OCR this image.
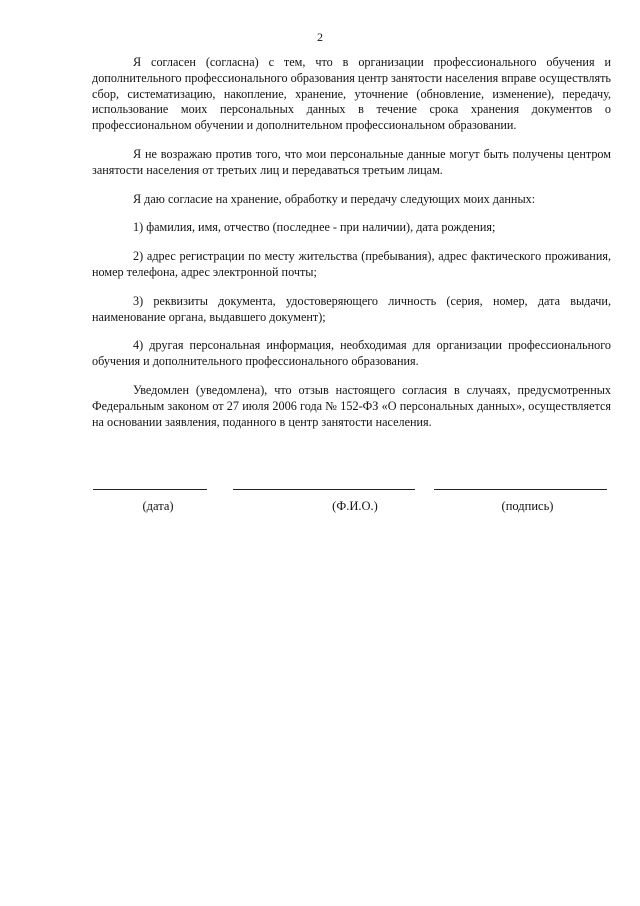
2

Я согласен (согласна) с тем, что в организации профессионального обучения и дополнительного профессионального образования центр занятости населения вправе осуществлять сбор, систематизацию, накопление, хранение, уточнение (обновление, изменение), передачу, использование моих персональных данных в течение срока хранения документов о профессиональном обучении и дополнительном профессиональном образовании.

Я не возражаю против того, что мои персональные данные могут быть получены центром занятости населения от третьих лиц и передаваться третьим лицам.

Я даю согласие на хранение, обработку и передачу следующих моих данных:

1) фамилия, имя, отчество (последнее - при наличии), дата рождения;

2) адрес регистрации по месту жительства (пребывания), адрес фактического проживания, номер телефона, адрес электронной почты;

3) реквизиты документа, удостоверяющего личность (серия, номер, дата выдачи, наименование органа, выдавшего документ);

4) другая персональная информация, необходимая для организации профессионального обучения и дополнительного профессионального образования.

Уведомлен (уведомлена), что отзыв настоящего согласия в случаях, предусмотренных Федеральным законом от 27 июля 2006 года № 152-ФЗ «О персональных данных», осуществляется на основании заявления, поданного в центр занятости населения.

(дата)	(Ф.И.О.)	(подпись)
